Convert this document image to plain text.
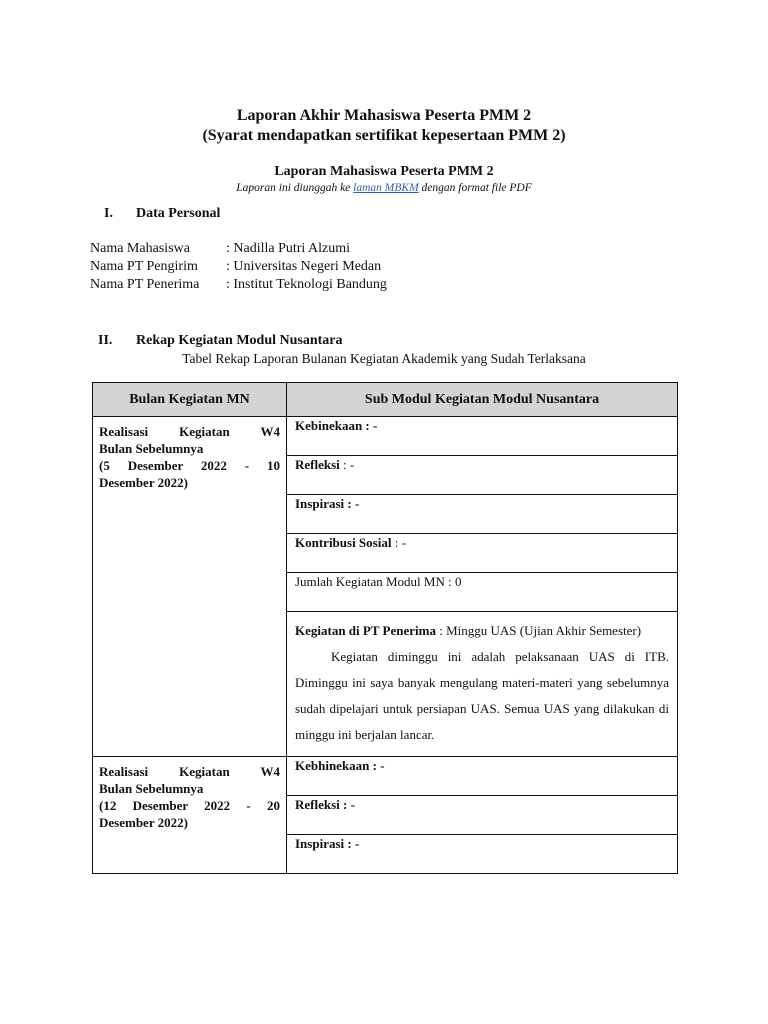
Laporan Akhir Mahasiswa Peserta PMM 2
(Syarat mendapatkan sertifikat kepesertaan PMM 2)
Laporan Mahasiswa Peserta PMM 2
Laporan ini diunggah ke laman MBKM dengan format file PDF
I. Data Personal
Nama Mahasiswa	: Nadilla Putri Alzumi
Nama PT Pengirim	: Universitas Negeri Medan
Nama PT Penerima	: Institut Teknologi Bandung
II. Rekap Kegiatan Modul Nusantara
Tabel Rekap Laporan Bulanan Kegiatan Akademik yang Sudah Terlaksana
Bulan Kegiatan MN	Sub Modul Kegiatan Modul Nusantara

Realisasi Kegiatan W4
Bulan Sebelumnya
(5 Desember 2022 - 10
Desember 2022)	Kebinekaan : -
	Refleksi : -
	Inspirasi : -
	Kontribusi Sosial : -
	Jumlah Kegiatan Modul MN : 0

	Kegiatan di PT Penerima : Minggu UAS (Ujian Akhir Semester)
Kegiatan diminggu ini adalah pelaksanaan UAS di ITB. Diminggu ini saya banyak mengulang materi-materi yang sebelumnya sudah dipelajari untuk persiapan UAS. Semua UAS yang dilakukan di minggu ini berjalan lancar.

Realisasi Kegiatan W4
Bulan Sebelumnya
(12 Desember 2022 - 20
Desember 2022)	Kebhinekaan : -
	Refleksi : -
	Inspirasi : -
